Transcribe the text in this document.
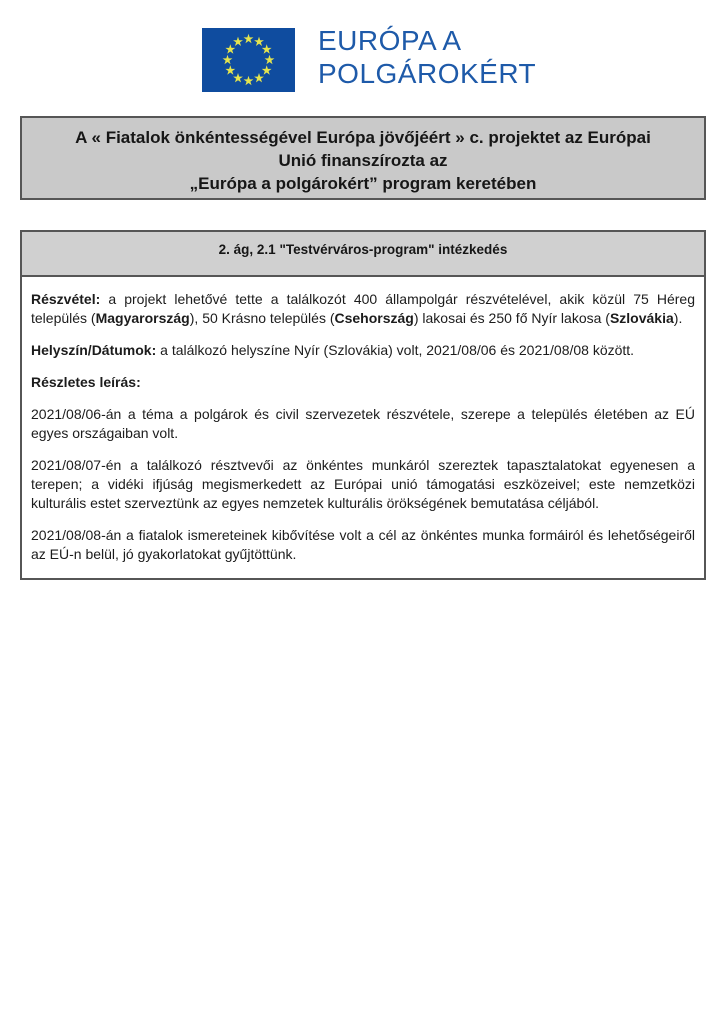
EURÓPA A
POLGÁROKÉRT
A « Fiatalok önkéntességével Európa jövőjéért » c. projektet az Európai
Unió finanszírozta az
„Európa a polgárokért” program keretében
2. ág, 2.1 "Testvérváros-program" intézkedés

Részvétel: a projekt lehetővé tette a találkozót 400 állampolgár részvételével, akik közül 75 Héreg település (Magyarország), 50 Krásno település (Csehország) lakosai és 250 fő Nyír lakosa (Szlovákia).

Helyszín/Dátumok: a találkozó helyszíne Nyír (Szlovákia) volt, 2021/08/06 és 2021/08/08 között.

Részletes leírás:

2021/08/06-án a téma a polgárok és civil szervezetek részvétele, szerepe a település életében az EÚ egyes országaiban volt.

2021/08/07-én a találkozó résztvevői az önkéntes munkáról szereztek tapasztalatokat egyenesen a terepen; a vidéki ifjúság megismerkedett az Európai unió támogatási eszközeivel; este nemzetközi kulturális estet szerveztünk az egyes nemzetek kulturális örökségének bemutatása céljából.

2021/08/08-án a fiatalok ismereteinek kibővítése volt a cél az önkéntes munka formáiról és lehetőségeiről az EÚ-n belül, jó gyakorlatokat gyűjtöttünk.
